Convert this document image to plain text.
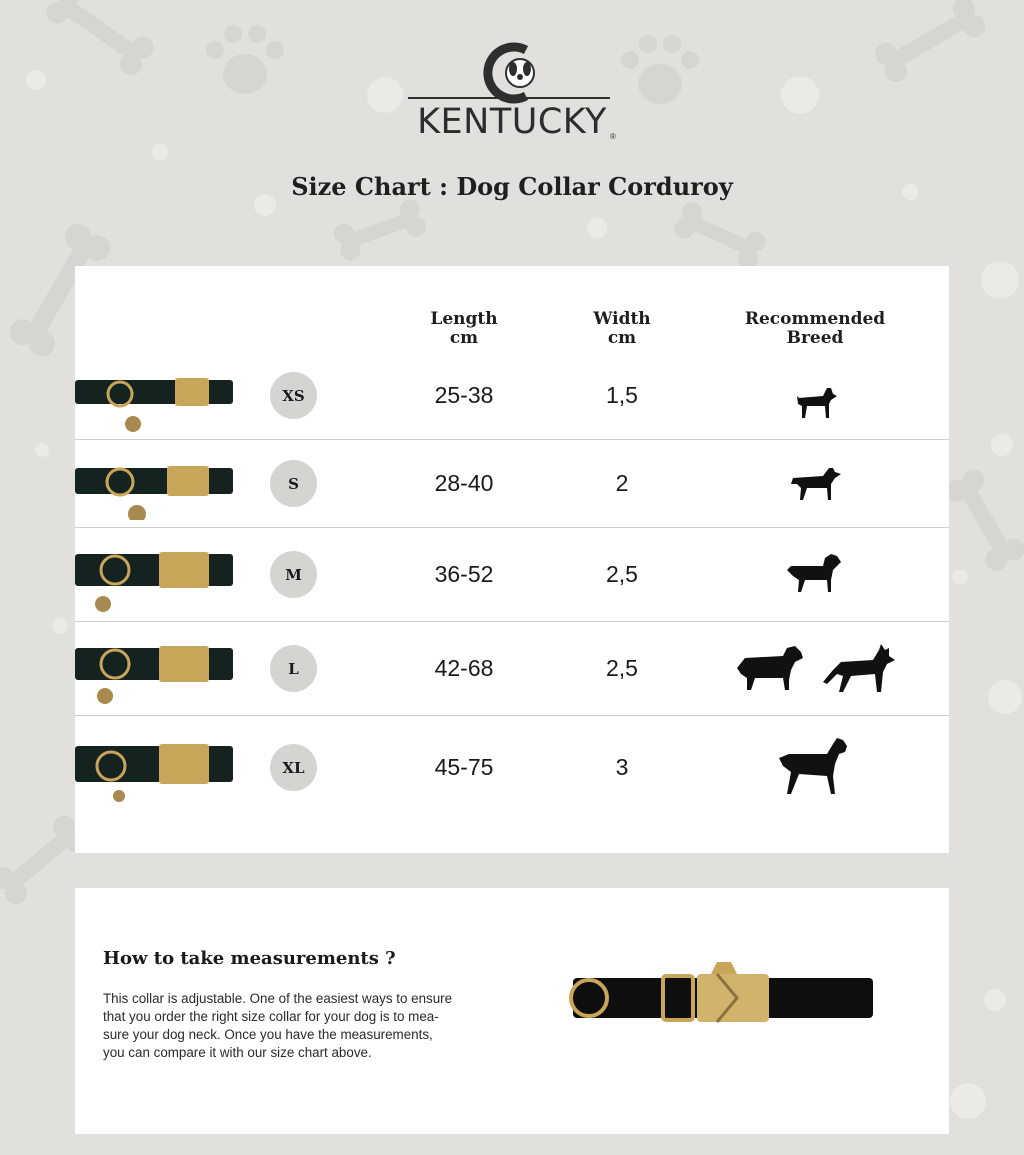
KENTUCKY ®
Size Chart : Dog Collar Corduroy
Length
cm
Width
cm
Recommended
Breed
XS	25-38	1,5
S	28-40	2
M	36-52	2,5
L	42-68	2,5
XL	45-75	3
How to take measurements ?
This collar is adjustable. One of the easiest ways to ensure
that you order the right size collar for your dog is to mea-
sure your dog neck. Once you have the measurements,
you can compare it with our size chart above.
